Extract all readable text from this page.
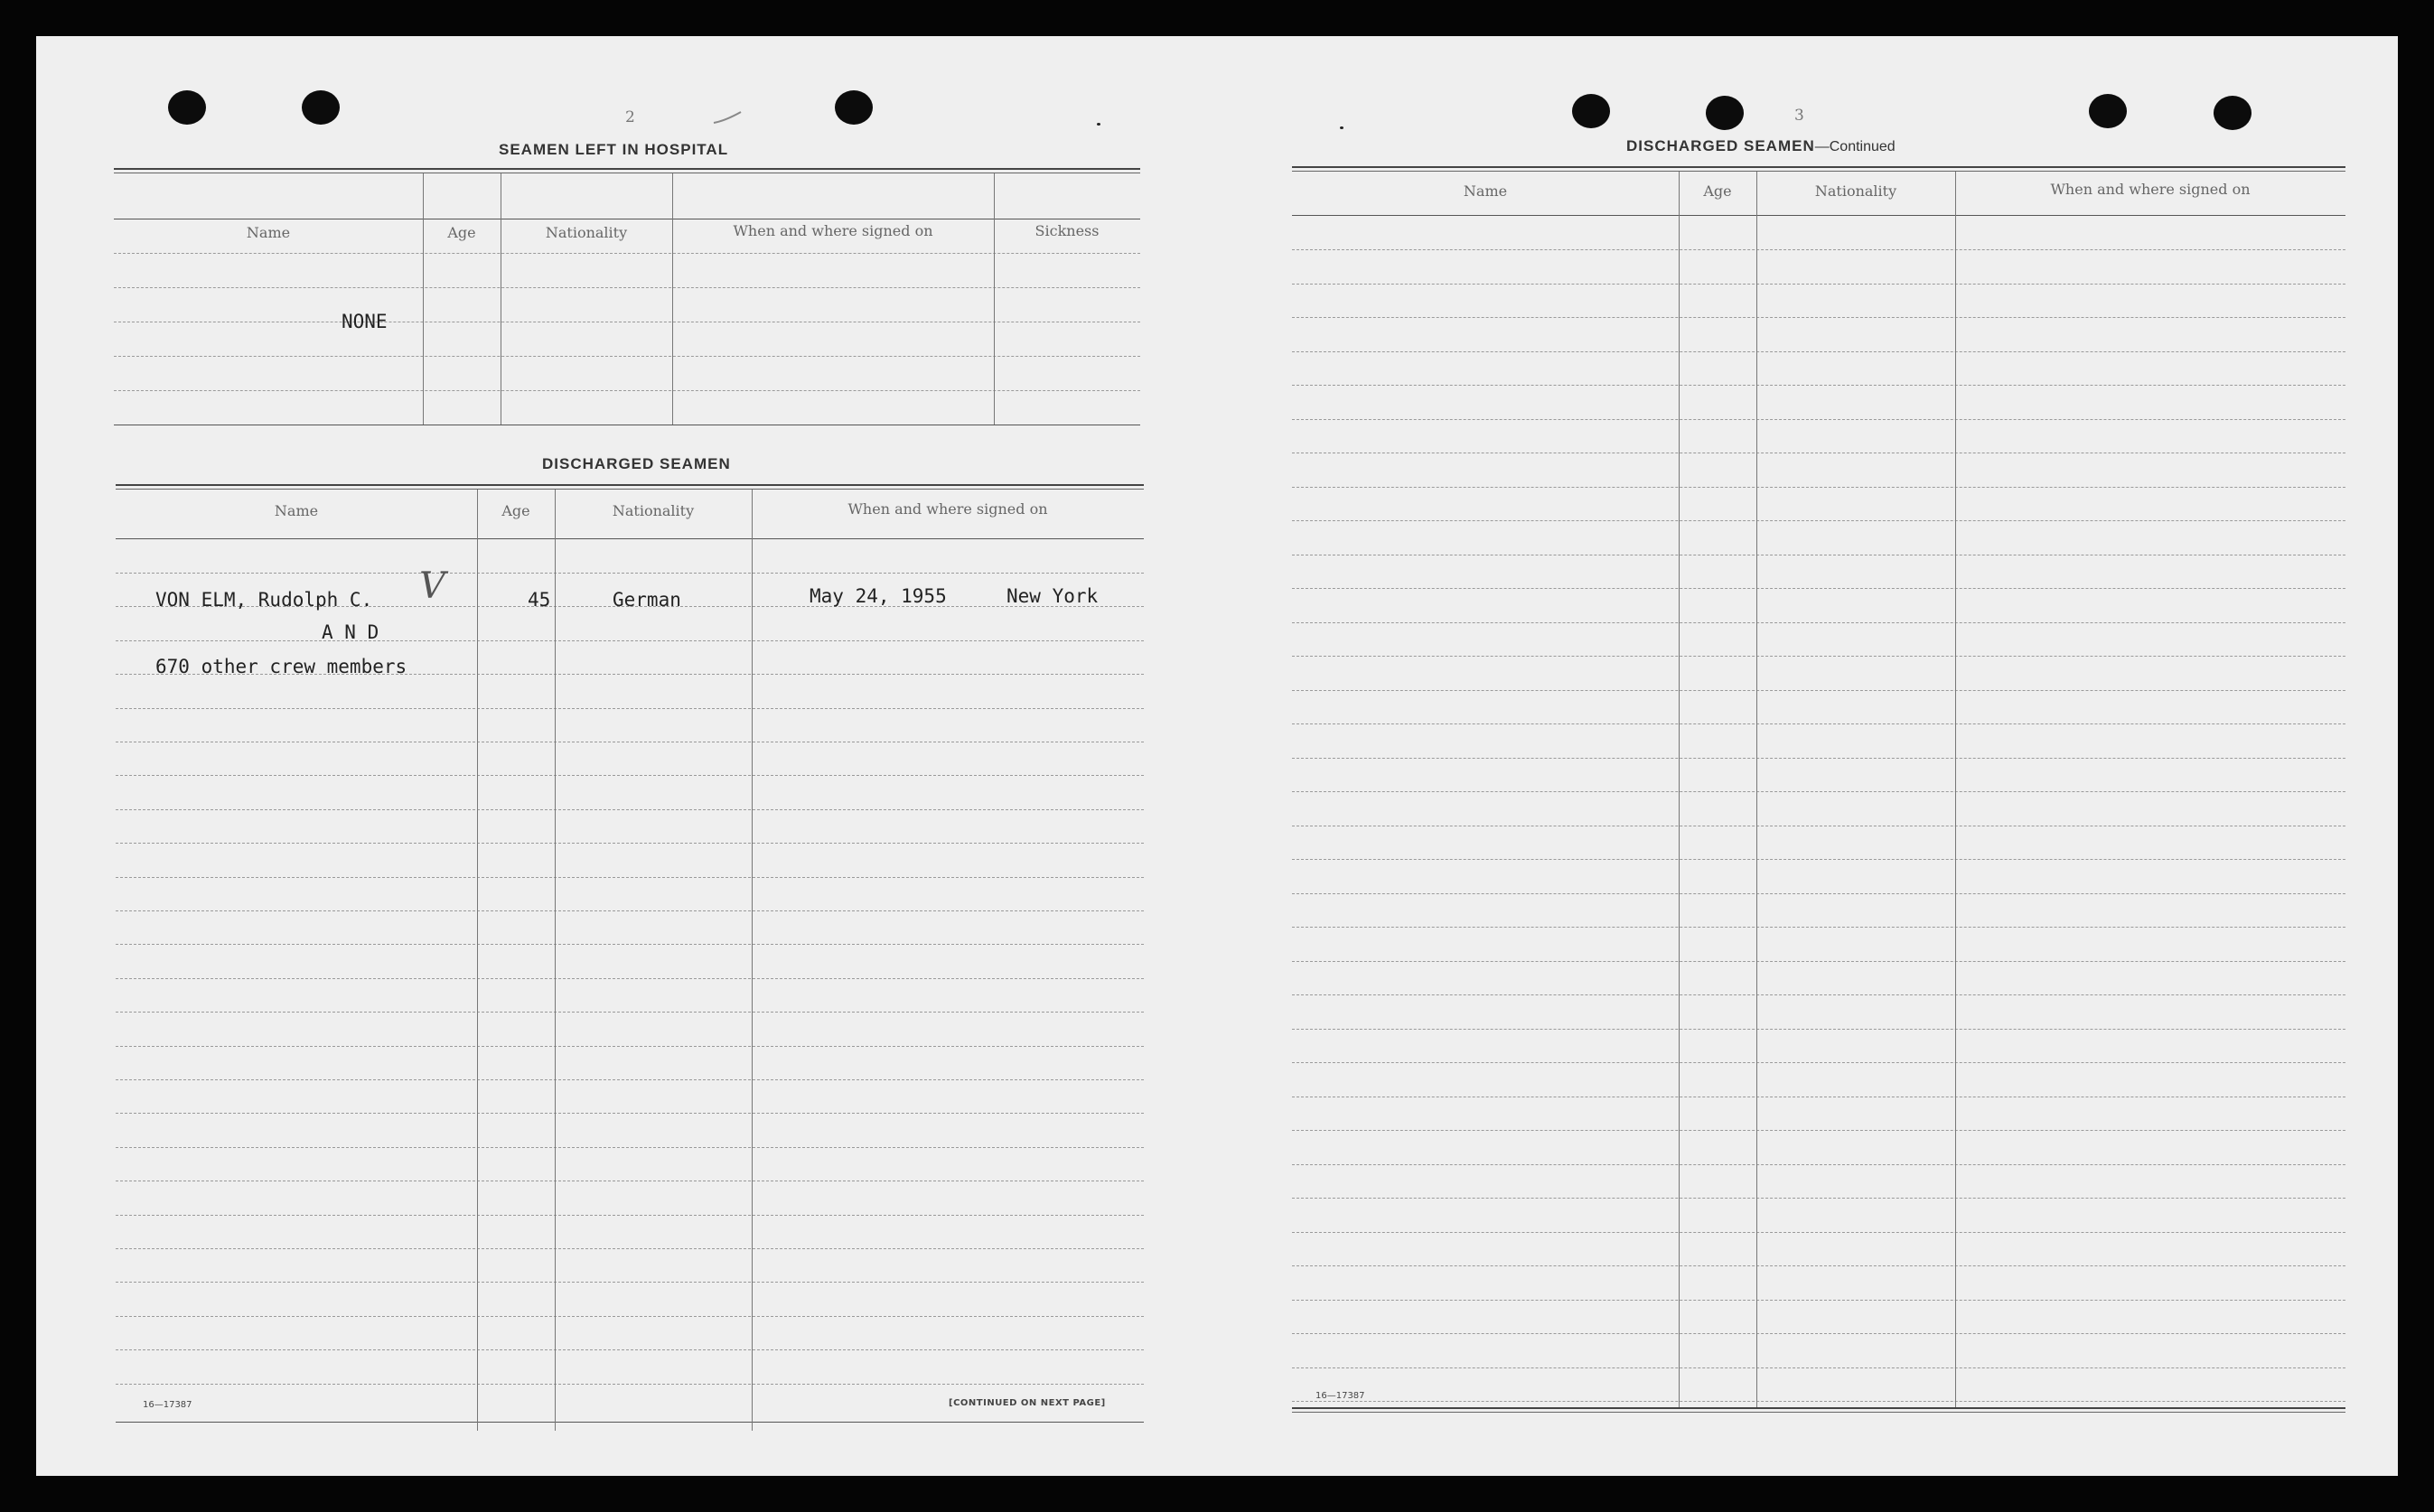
2
SEAMEN LEFT IN HOSPITAL
Name	Age	Nationality	When and where signed on	Sickness
NONE
DISCHARGED SEAMEN
Name	Age	Nationality	When and where signed on
VON ELM, Rudolph C.	45	German	May 24, 1955	New York
A N D
670 other crew members
V
16—17387	[CONTINUED ON NEXT PAGE]
3
DISCHARGED SEAMEN—Continued
Name	Age	Nationality	When and where signed on
16—17387
